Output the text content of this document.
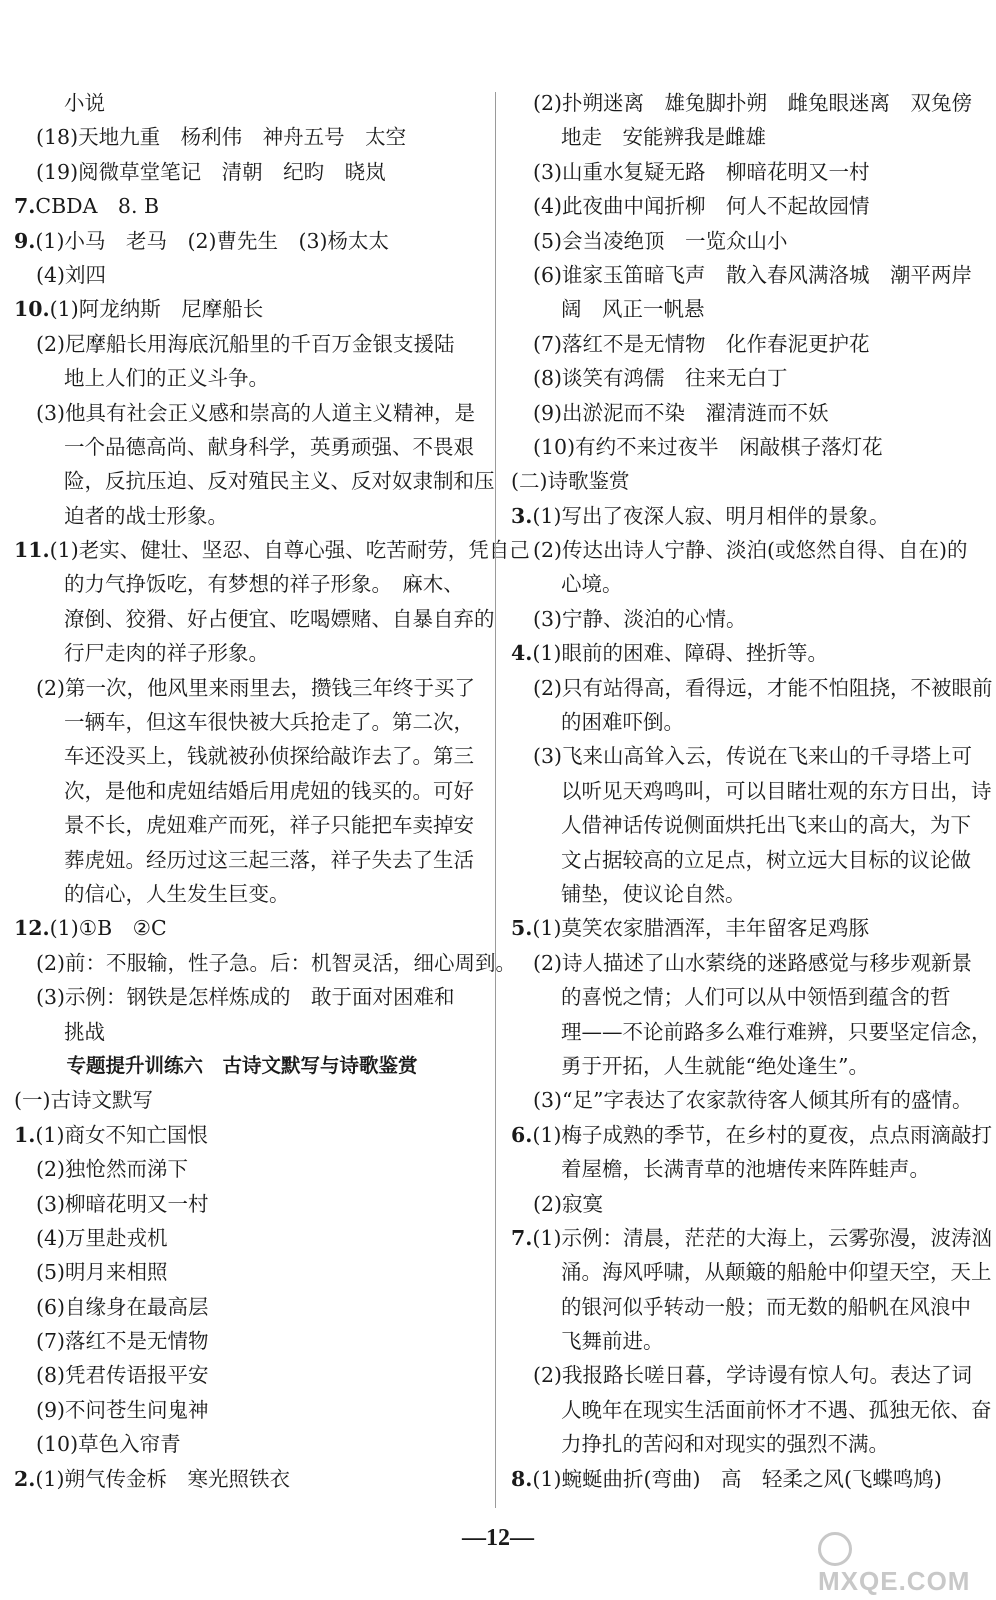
小说
(18)天地九重　杨利伟　神舟五号　太空
(19)阅微草堂笔记　清朝　纪昀　晓岚
7.CBDA　8. B
9.(1)小马　老马　(2)曹先生　(3)杨太太
(4)刘四
10.(1)阿龙纳斯　尼摩船长
(2)尼摩船长用海底沉船里的千百万金银支援陆
地上人们的正义斗争。
(3)他具有社会正义感和崇高的人道主义精神，是
一个品德高尚、献身科学，英勇顽强、不畏艰
险，反抗压迫、反对殖民主义、反对奴隶制和压
迫者的战士形象。
11.(1)老实、健壮、坚忍、自尊心强、吃苦耐劳，凭自己
的力气挣饭吃，有梦想的祥子形象。　麻木、
潦倒、狡猾、好占便宜、吃喝嫖赌、自暴自弃的
行尸走肉的祥子形象。
(2)第一次，他风里来雨里去，攒钱三年终于买了
一辆车，但这车很快被大兵抢走了。第二次，
车还没买上，钱就被孙侦探给敲诈去了。第三
次，是他和虎妞结婚后用虎妞的钱买的。可好
景不长，虎妞难产而死，祥子只能把车卖掉安
葬虎妞。经历过这三起三落，祥子失去了生活
的信心，人生发生巨变。
12.(1)①B　②C
(2)前：不服输，性子急。后：机智灵活，细心周到。
(3)示例：钢铁是怎样炼成的　敢于面对困难和
挑战
专题提升训练六　古诗文默写与诗歌鉴赏
(一)古诗文默写
1.(1)商女不知亡国恨
(2)独怆然而涕下
(3)柳暗花明又一村
(4)万里赴戎机
(5)明月来相照
(6)自缘身在最高层
(7)落红不是无情物
(8)凭君传语报平安
(9)不问苍生问鬼神
(10)草色入帘青
2.(1)朔气传金柝　寒光照铁衣
(2)扑朔迷离　雄兔脚扑朔　雌兔眼迷离　双兔傍
地走　安能辨我是雌雄
(3)山重水复疑无路　柳暗花明又一村
(4)此夜曲中闻折柳　何人不起故园情
(5)会当凌绝顶　一览众山小
(6)谁家玉笛暗飞声　散入春风满洛城　潮平两岸
阔　风正一帆悬
(7)落红不是无情物　化作春泥更护花
(8)谈笑有鸿儒　往来无白丁
(9)出淤泥而不染　濯清涟而不妖
(10)有约不来过夜半　闲敲棋子落灯花
(二)诗歌鉴赏
3.(1)写出了夜深人寂、明月相伴的景象。
(2)传达出诗人宁静、淡泊(或悠然自得、自在)的
心境。
(3)宁静、淡泊的心情。
4.(1)眼前的困难、障碍、挫折等。
(2)只有站得高，看得远，才能不怕阻挠，不被眼前
的困难吓倒。
(3)飞来山高耸入云，传说在飞来山的千寻塔上可
以听见天鸡鸣叫，可以目睹壮观的东方日出，诗
人借神话传说侧面烘托出飞来山的高大，为下
文占据较高的立足点，树立远大目标的议论做
铺垫，使议论自然。
5.(1)莫笑农家腊酒浑，丰年留客足鸡豚
(2)诗人描述了山水萦绕的迷路感觉与移步观新景
的喜悦之情；人们可以从中领悟到蕴含的哲
理——不论前路多么难行难辨，只要坚定信念，
勇于开拓，人生就能“绝处逢生”。
(3)“足”字表达了农家款待客人倾其所有的盛情。
6.(1)梅子成熟的季节，在乡村的夏夜，点点雨滴敲打
着屋檐，长满青草的池塘传来阵阵蛙声。
(2)寂寞
7.(1)示例：清晨，茫茫的大海上，云雾弥漫，波涛汹
涌。海风呼啸，从颠簸的船舱中仰望天空，天上
的银河似乎转动一般；而无数的船帆在风浪中
飞舞前进。
(2)我报路长嗟日暮，学诗谩有惊人句。表达了词
人晚年在现实生活面前怀才不遇、孤独无依、奋
力挣扎的苦闷和对现实的强烈不满。
8.(1)蜿蜒曲折(弯曲)　高　轻柔之风(飞蝶鸣鸠)
—12—
MXQE.COM
